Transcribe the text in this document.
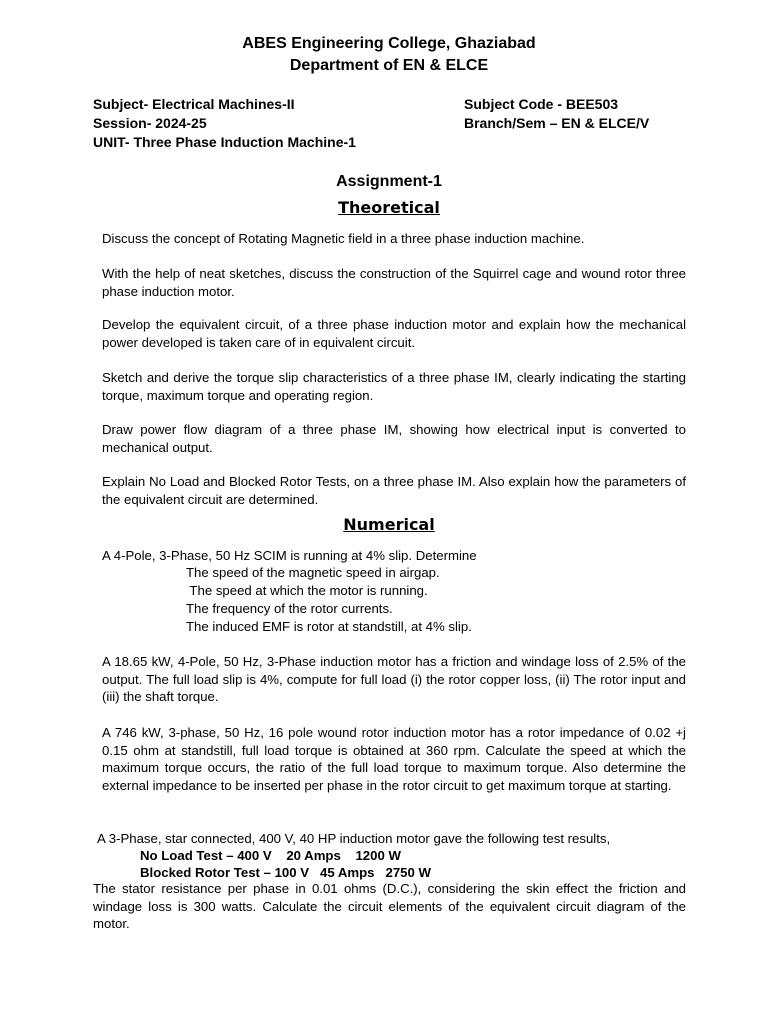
ABES Engineering College, Ghaziabad
Department of EN & ELCE
Subject- Electrical Machines-II
Session- 2024-25
UNIT- Three Phase Induction Machine-1
Subject Code - BEE503
Branch/Sem – EN & ELCE/V
Assignment-1
Theoretical
Discuss the concept of Rotating Magnetic field in a three phase induction machine.
With the help of neat sketches, discuss the construction of the Squirrel cage and wound rotor three phase induction motor.
Develop the equivalent circuit, of a three phase induction motor and explain how the mechanical power developed is taken care of in equivalent circuit.
Sketch and derive the torque slip characteristics of a three phase IM, clearly indicating the starting torque, maximum torque and operating region.
Draw power flow diagram of a three phase IM, showing how electrical input is converted to mechanical output.
Explain No Load and Blocked Rotor Tests, on a three phase IM. Also explain how the parameters of the equivalent circuit are determined.
Numerical
A 4-Pole, 3-Phase, 50 Hz SCIM is running at 4% slip. Determine
The speed of the magnetic speed in airgap.
The speed at which the motor is running.
The frequency of the rotor currents.
The induced EMF is rotor at standstill, at 4% slip.
A 18.65 kW, 4-Pole, 50 Hz, 3-Phase induction motor has a friction and windage loss of 2.5% of the output. The full load slip is 4%, compute for full load (i) the rotor copper loss, (ii) The rotor input and (iii) the shaft torque.
A 746 kW, 3-phase, 50 Hz, 16 pole wound rotor induction motor has a rotor impedance of 0.02 +j 0.15 ohm at standstill, full load torque is obtained at 360 rpm. Calculate the speed at which the maximum torque occurs, the ratio of the full load torque to maximum torque. Also determine the external impedance to be inserted per phase in the rotor circuit to get maximum torque at starting.
A 3-Phase, star connected, 400 V, 40 HP induction motor gave the following test results,
No Load Test – 400 V    20 Amps    1200 W
Blocked Rotor Test – 100 V   45 Amps   2750 W
The stator resistance per phase in 0.01 ohms (D.C.), considering the skin effect the friction and windage loss is 300 watts. Calculate the circuit elements of the equivalent circuit diagram of the motor.
